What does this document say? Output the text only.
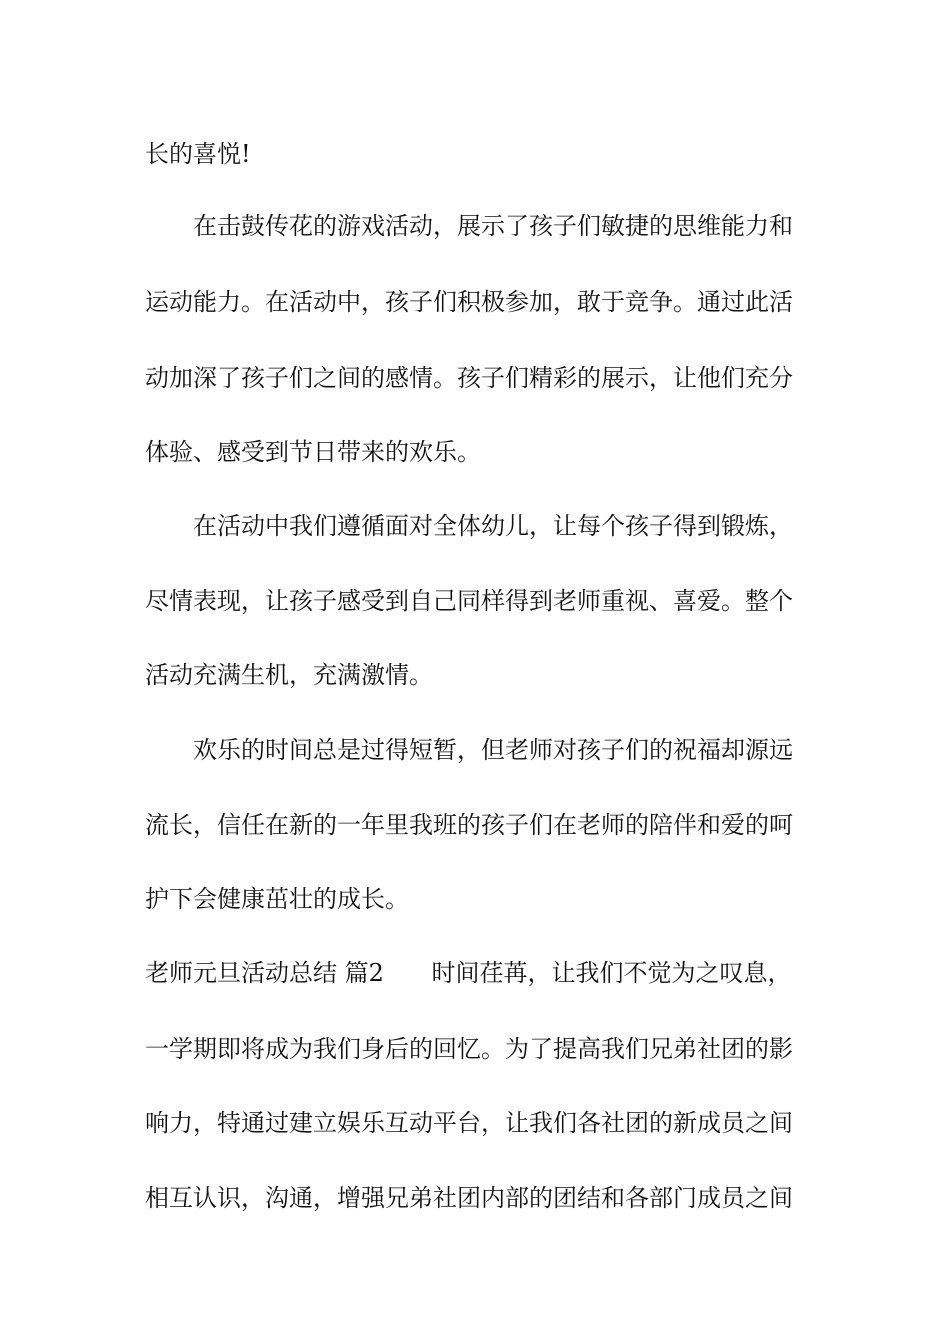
长的喜悦!
在击鼓传花的游戏活动，展示了孩子们敏捷的思维能力和
运动能力。在活动中，孩子们积极参加，敢于竞争。通过此活
动加深了孩子们之间的感情。孩子们精彩的展示，让他们充分
体验、感受到节日带来的欢乐。
在活动中我们遵循面对全体幼儿，让每个孩子得到锻炼，
尽情表现，让孩子感受到自己同样得到老师重视、喜爱。整个
活动充满生机，充满激情。
欢乐的时间总是过得短暂，但老师对孩子们的祝福却源远
流长，信任在新的一年里我班的孩子们在老师的陪伴和爱的呵
护下会健康茁壮的成长。
老师元旦活动总结 篇2 时间荏苒，让我们不觉为之叹息，
一学期即将成为我们身后的回忆。为了提高我们兄弟社团的影
响力，特通过建立娱乐互动平台，让我们各社团的新成员之间
相互认识，沟通，增强兄弟社团内部的团结和各部门成员之间
